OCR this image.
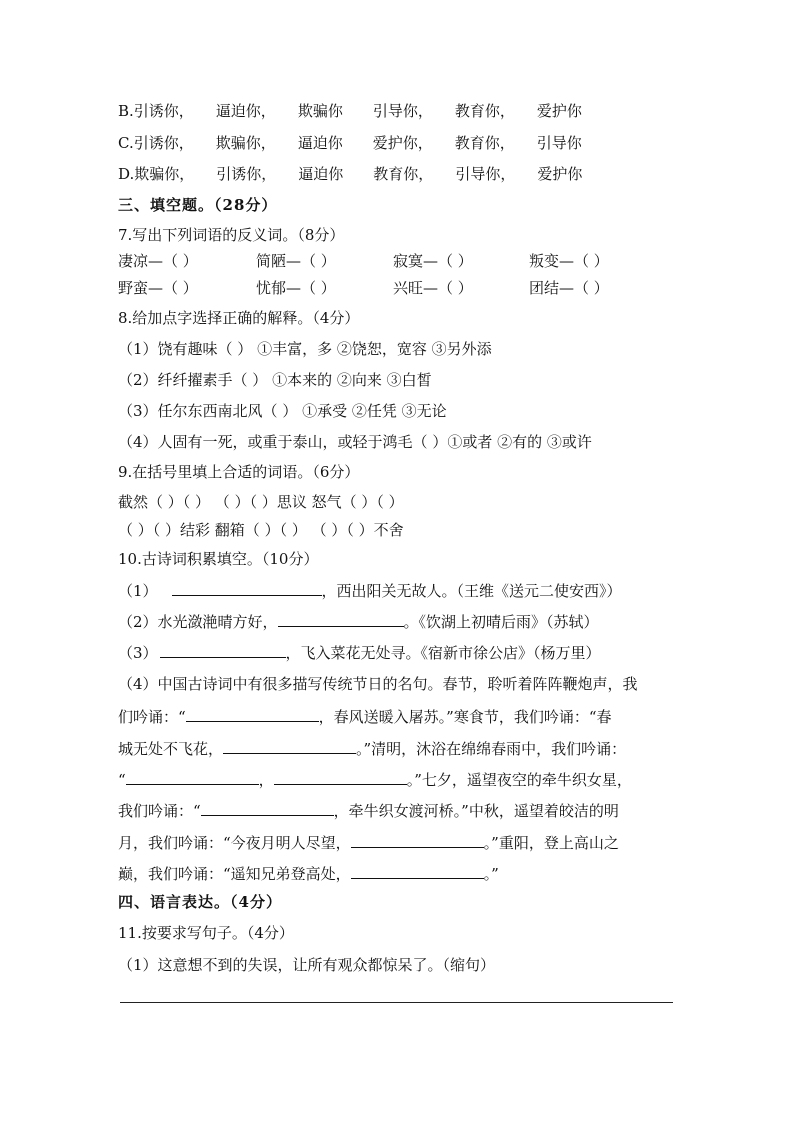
B.引诱你， 逼迫你， 欺骗你 引导你， 教育你， 爱护你
C.引诱你， 欺骗你， 逼迫你 爱护你， 教育你， 引导你
D.欺骗你， 引诱你， 逼迫你 教育你， 引导你， 爱护你
三、填空题。（28分）
7.写出下列词语的反义词。（8分）
凄凉—（ ）	简陋—（ ）	寂寞—（ ）	叛变—（ ）
野蛮—（ ）	忧郁—（ ）	兴旺—（ ）	团结—（ ）
8.给加点字选择正确的解释。（4分）
（1）饶有趣味（ ） ①丰富，多 ②饶恕，宽容 ③另外添
（2）纤纤擢素手（ ） ①本来的 ②向来 ③白皙
（3）任尔东西南北风（ ） ①承受 ②任凭 ③无论
（4）人固有一死，或重于泰山，或轻于鸿毛（ ）①或者 ②有的 ③或许
9.在括号里填上合适的词语。（6分）
截然（ ）（ ） （ ）（ ）思议 怒气（ ）（ ）
（ ）（ ）结彩 翻箱（ ）（ ） （ ）（ ）不舍
10.古诗词积累填空。（10分）
（1）	，西出阳关无故人。（王维《送元二使安西》）
（2）水光潋滟晴方好，	。《饮湖上初晴后雨》（苏轼）
（3）	，飞入菜花无处寻。《宿新市徐公店》（杨万里）
（4）中国古诗词中有很多描写传统节日的名句。春节，聆听着阵阵鞭炮声，我
们吟诵：“	，春风送暖入屠苏。”寒食节，我们吟诵：“春
城无处不飞花，	。”清明，沐浴在绵绵春雨中，我们吟诵：
“	，	。”七夕，遥望夜空的牵牛织女星，
我们吟诵：“	，牵牛织女渡河桥。”中秋，遥望着皎洁的明
月，我们吟诵：“今夜月明人尽望，	。”重阳，登上高山之
巅，我们吟诵：“遥知兄弟登高处，	。”
四、语言表达。（4分）
11.按要求写句子。（4分）
（1）这意想不到的失误，让所有观众都惊呆了。（缩句）
